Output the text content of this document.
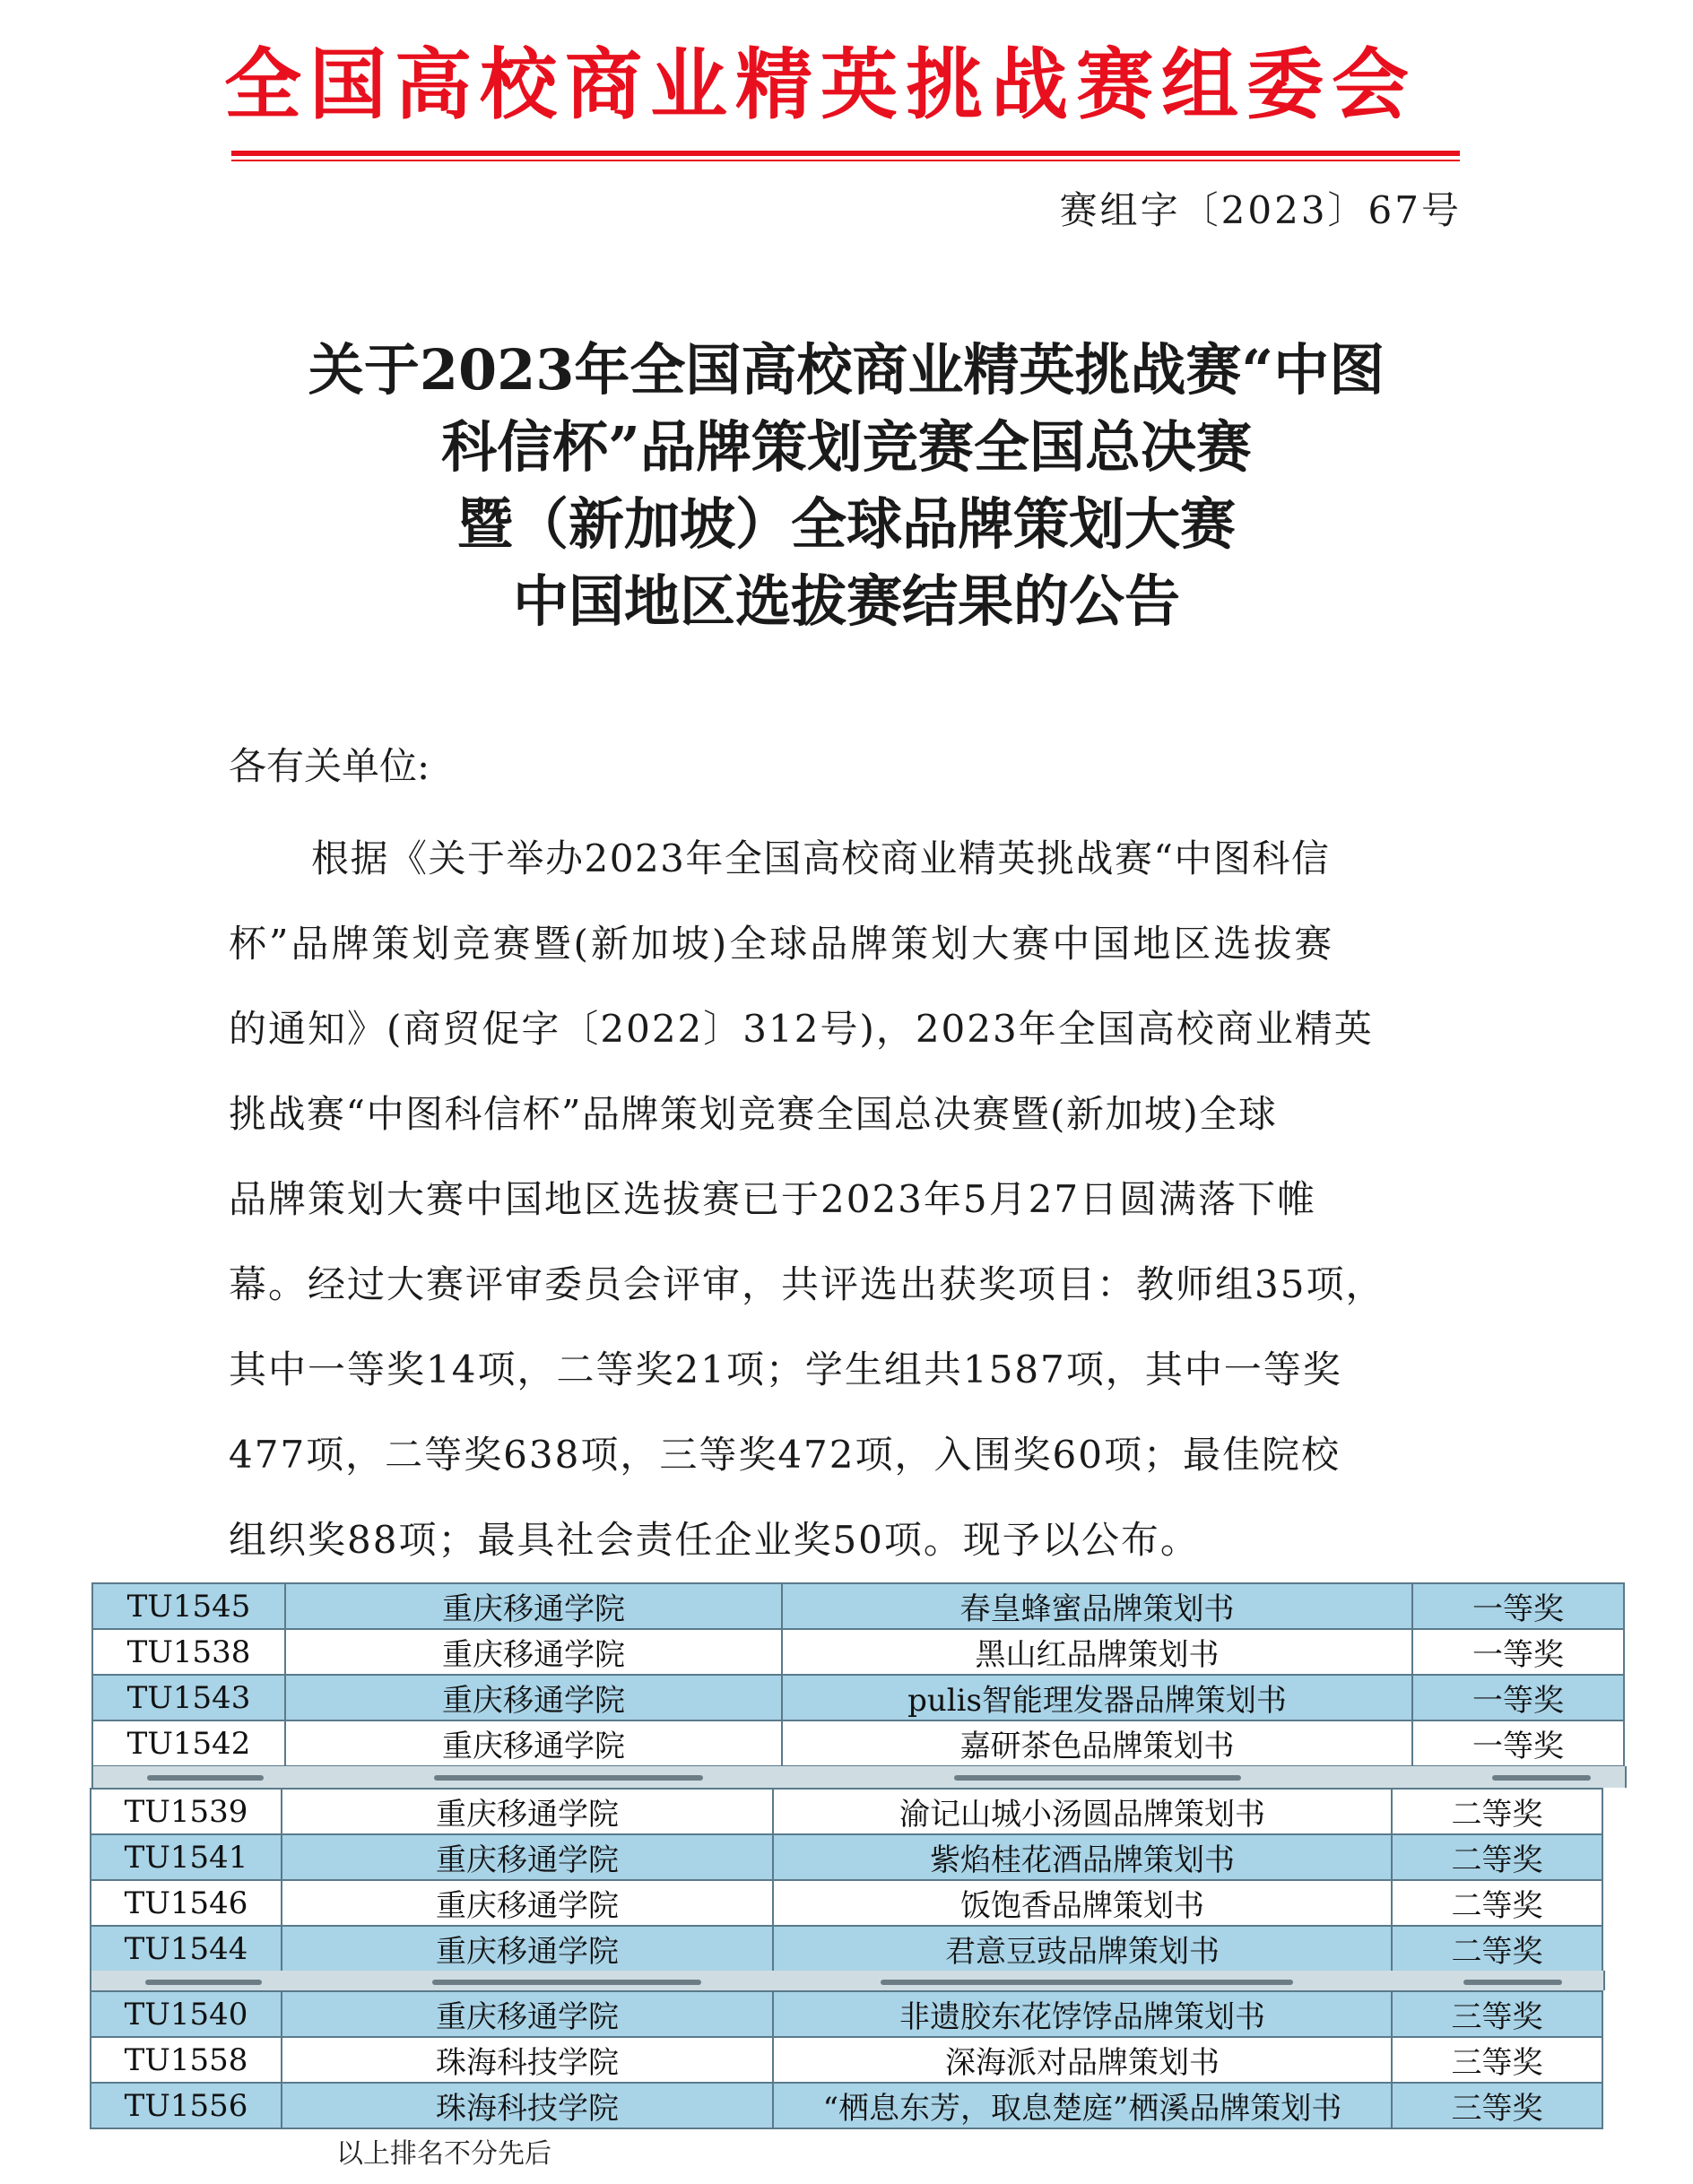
全国高校商业精英挑战赛组委会
赛组字〔2023〕67号
关于2023年全国高校商业精英挑战赛“中图
科信杯”品牌策划竞赛全国总决赛
暨（新加坡）全球品牌策划大赛
中国地区选拔赛结果的公告
各有关单位:
根据《关于举办2023年全国高校商业精英挑战赛“中图科信
杯”品牌策划竞赛暨(新加坡)全球品牌策划大赛中国地区选拔赛
的通知》(商贸促字〔2022〕312号)，2023年全国高校商业精英
挑战赛“中图科信杯”品牌策划竞赛全国总决赛暨(新加坡)全球
品牌策划大赛中国地区选拔赛已于2023年5月27日圆满落下帷
幕。经过大赛评审委员会评审，共评选出获奖项目：教师组35项，
其中一等奖14项，二等奖21项；学生组共1587项，其中一等奖
477项，二等奖638项，三等奖472项，入围奖60项；最佳院校
组织奖88项；最具社会责任企业奖50项。现予以公布。
TU1545	重庆移通学院	春皇蜂蜜品牌策划书	一等奖
TU1538	重庆移通学院	黑山红品牌策划书	一等奖
TU1543	重庆移通学院	pulis智能理发器品牌策划书	一等奖
TU1542	重庆移通学院	嘉研茶色品牌策划书	一等奖
TU1539	重庆移通学院	渝记山城小汤圆品牌策划书	二等奖
TU1541	重庆移通学院	紫焰桂花酒品牌策划书	二等奖
TU1546	重庆移通学院	饭饱香品牌策划书	二等奖
TU1544	重庆移通学院	君意豆豉品牌策划书	二等奖
TU1540	重庆移通学院	非遗胶东花饽饽品牌策划书	三等奖
TU1558	珠海科技学院	深海派对品牌策划书	三等奖
TU1556	珠海科技学院	“栖息东芳，取息楚庭”栖溪品牌策划书	三等奖
以上排名不分先后
